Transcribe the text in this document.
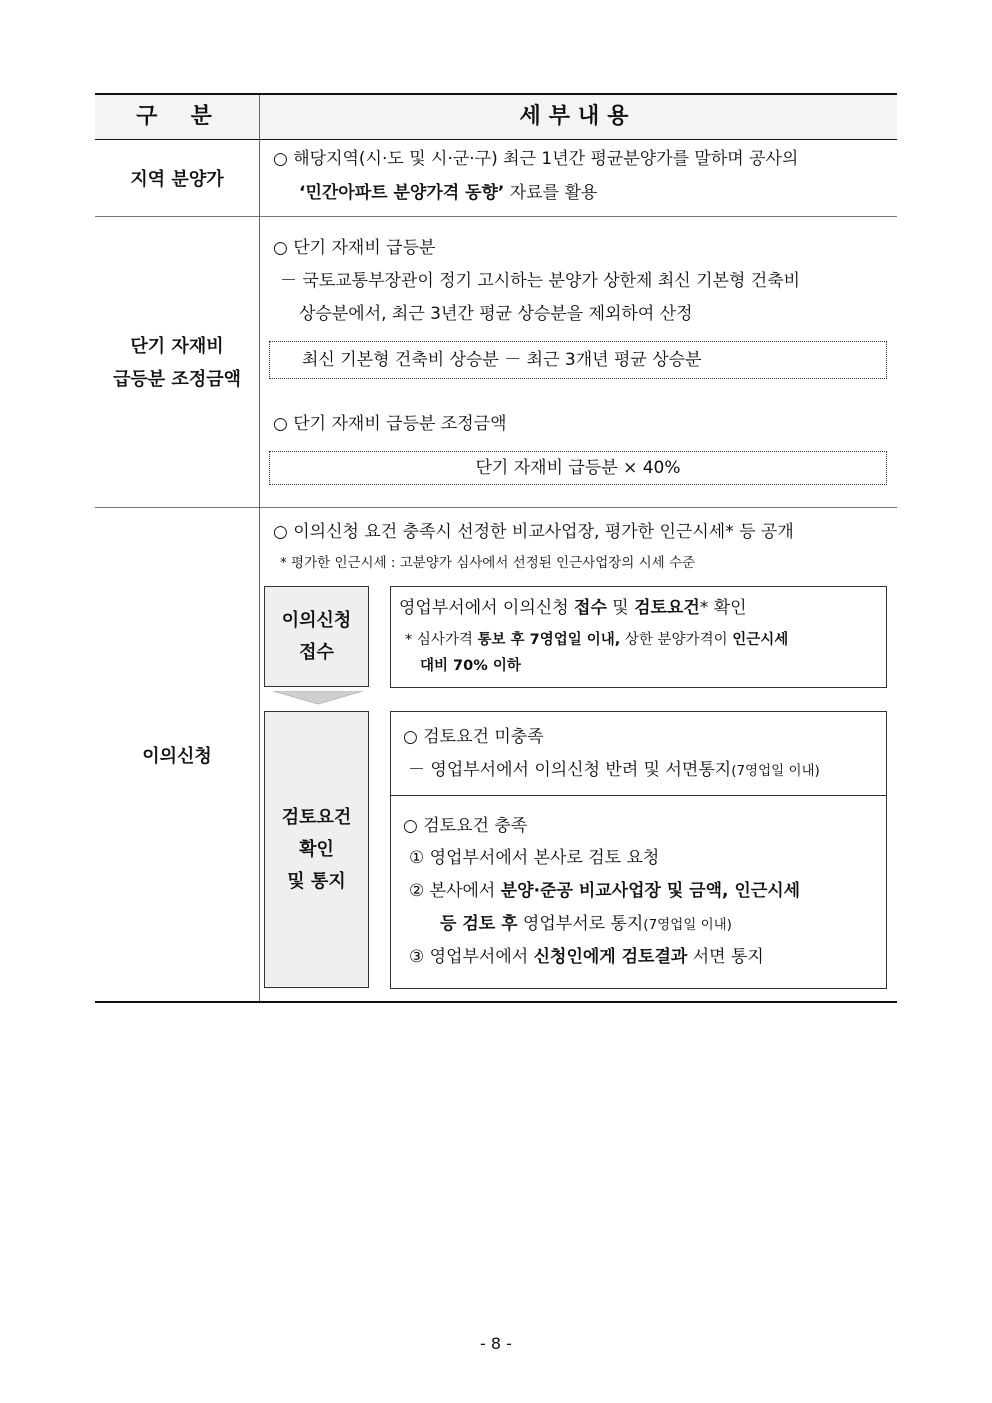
구  분	세부내용
지역 분양가
○ 해당지역(시·도 및 시·군·구) 최근 1년간 평균분양가를 말하며 공사의
‘민간아파트 분양가격 동향’ 자료를 활용
단기 자재비
급등분 조정금액
○ 단기 자재비 급등분
－ 국토교통부장관이 정기 고시하는 분양가 상한제 최신 기본형 건축비
상승분에서, 최근 3년간 평균 상승분을 제외하여 산정
최신 기본형 건축비 상승분 － 최근 3개년 평균 상승분
○ 단기 자재비 급등분 조정금액
단기 자재비 급등분 × 40%
이의신청
○ 이의신청 요건 충족시 선정한 비교사업장, 평가한 인근시세* 등 공개
* 평가한 인근시세 : 고분양가 심사에서 선정된 인근사업장의 시세 수준
이의신청
접수
영업부서에서 이의신청 접수 및 검토요건* 확인
* 심사가격 통보 후 7영업일 이내, 상한 분양가격이 인근시세
대비 70% 이하
검토요건
확인
및 통지
○ 검토요건 미충족
－ 영업부서에서 이의신청 반려 및 서면통지(7영업일 이내)
○ 검토요건 충족
① 영업부서에서 본사로 검토 요청
② 본사에서 분양·준공 비교사업장 및 금액, 인근시세
등 검토 후 영업부서로 통지(7영업일 이내)
③ 영업부서에서 신청인에게 검토결과 서면 통지
- 8 -
